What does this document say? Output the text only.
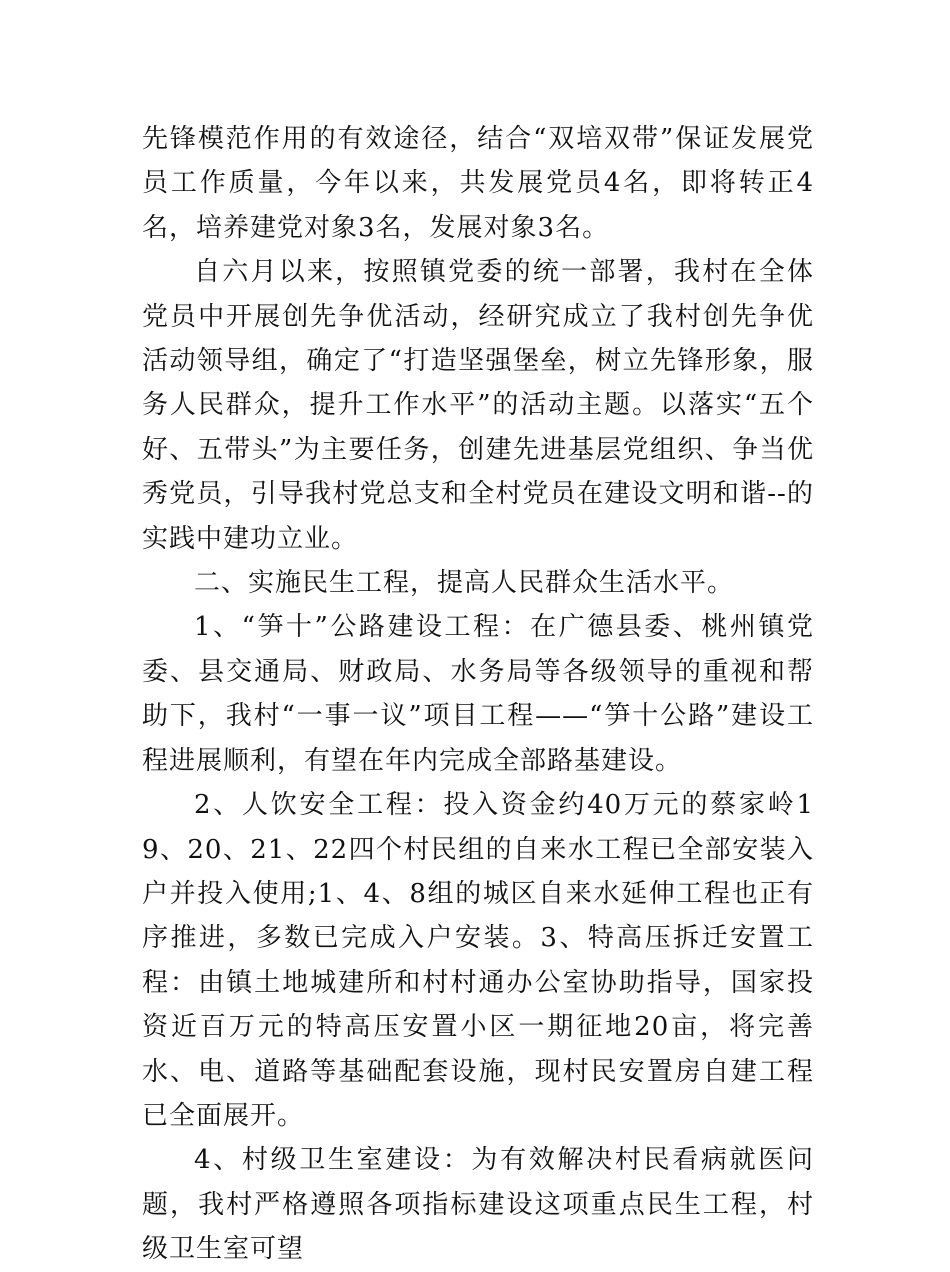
先锋模范作用的有效途径，结合“双培双带”保证发展党员工作质量，今年以来，共发展党员4名，即将转正4名，培养建党对象3名，发展对象3名。

自六月以来，按照镇党委的统一部署，我村在全体党员中开展创先争优活动，经研究成立了我村创先争优活动领导组，确定了“打造坚强堡垒，树立先锋形象，服务人民群众，提升工作水平”的活动主题。以落实“五个好、五带头”为主要任务，创建先进基层党组织、争当优秀党员，引导我村党总支和全村党员在建设文明和谐--的实践中建功立业。

二、实施民生工程，提高人民群众生活水平。

1、“笋十”公路建设工程：在广德县委、桃州镇党委、县交通局、财政局、水务局等各级领导的重视和帮助下，我村“一事一议”项目工程——“笋十公路”建设工程进展顺利，有望在年内完成全部路基建设。

2、人饮安全工程：投入资金约40万元的蔡家岭19、20、21、22四个村民组的自来水工程已全部安装入户并投入使用;1、4、8组的城区自来水延伸工程也正有序推进，多数已完成入户安装。3、特高压拆迁安置工程：由镇土地城建所和村村通办公室协助指导，国家投资近百万元的特高压安置小区一期征地20亩，将完善水、电、道路等基础配套设施，现村民安置房自建工程已全面展开。

4、村级卫生室建设：为有效解决村民看病就医问题，我村严格遵照各项指标建设这项重点民生工程，村级卫生室可望
